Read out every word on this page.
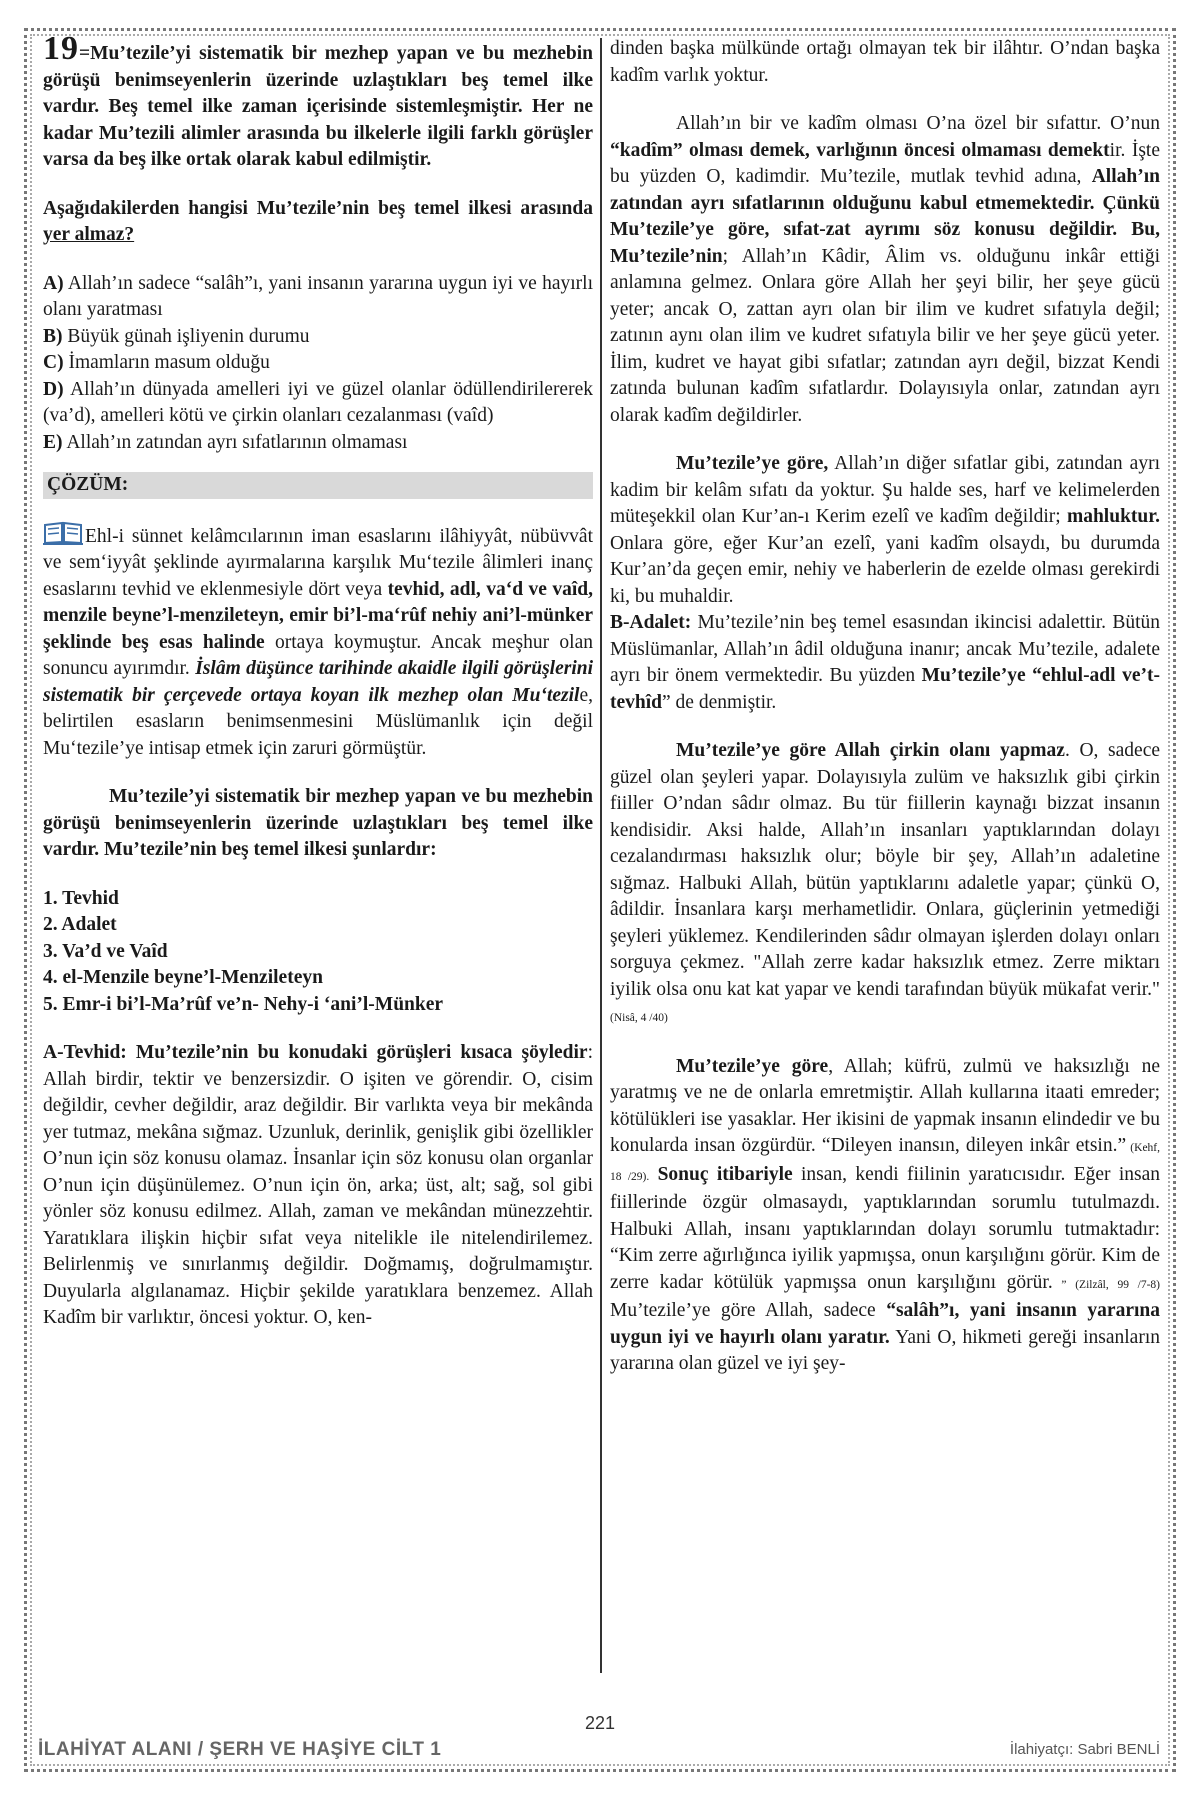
19=Mu’tezile’yi sistematik bir mezhep yapan ve bu mezhebin görüşü benimseyenlerin üzerinde uzlaştıkları beş temel ilke vardır. Beş temel ilke zaman içerisinde sistemleşmiştir. Her ne kadar Mu’tezili alimler arasında bu ilkelerle ilgili farklı görüşler varsa da beş ilke ortak olarak kabul edilmiştir.

Aşağıdakilerden hangisi Mu’tezile’nin beş temel ilkesi arasında yer almaz?

A) Allah’ın sadece “salâh”ı, yani insanın yararına uygun iyi ve hayırlı olanı yaratması

B) Büyük günah işliyenin durumu

C) İmamların masum olduğu

D) Allah’ın dünyada amelleri iyi ve güzel olanlar ödüllendirilererek (va’d), amelleri kötü ve çirkin olanları cezalanması (vaîd)

E) Allah’ın zatından ayrı sıfatlarının olmaması

ÇÖZÜM:

Ehl-i sünnet kelâmcılarının iman esaslarını ilâhiyyât, nübüvvât ve sem‘iyyât şeklinde ayırmalarına karşılık Mu‘tezile âlimleri inanç esaslarını tevhid ve eklenmesiyle dört veya tevhid, adl, va‘d ve vaîd, menzile beyne’l-menzileteyn, emir bi’l-ma‘rûf nehiy ani’l-münker şeklinde beş esas halinde ortaya koymuştur. Ancak meşhur olan sonuncu ayırımdır. İslâm düşünce tarihinde akaidle ilgili görüşlerini sistematik bir çerçevede ortaya koyan ilk mezhep olan Mu‘tezile, belirtilen esasların benimsenmesini Müslümanlık için değil Mu‘tezile’ye intisap etmek için zaruri görmüştür.

Mu’tezile’yi sistematik bir mezhep yapan ve bu mezhebin görüşü benimseyenlerin üzerinde uzlaştıkları beş temel ilke vardır. Mu’tezile’nin beş temel ilkesi şunlardır:

1. Tevhid
2. Adalet
3. Va’d ve Vaîd
4. el-Menzile beyne’l-Menzileteyn
5. Emr-i bi’l-Ma’rûf ve’n- Nehy-i ‘ani’l-Münker

A-Tevhid: Mu’tezile’nin bu konudaki görüşleri kısaca şöyledir: Allah birdir, tektir ve benzersizdir. O işiten ve görendir. O, cisim değildir, cevher değildir, araz değildir. Bir varlıkta veya bir mekânda yer tutmaz, mekâna sığmaz. Uzunluk, derinlik, genişlik gibi özellikler O’nun için söz konusu olamaz. İnsanlar için söz konusu olan organlar O’nun için düşünülemez. O’nun için ön, arka; üst, alt; sağ, sol gibi yönler söz konusu edilmez. Allah, zaman ve mekândan münezzehtir. Yaratıklara ilişkin hiçbir sıfat veya nitelikle ile nitelendirilemez. Belirlenmiş ve sınırlanmış değildir. Doğmamış, doğrulmamıştır. Duyularla algılanamaz. Hiçbir şekilde yaratıklara benzemez. Allah Kadîm bir varlıktır, öncesi yoktur. O, ken-

dinden başka mülkünde ortağı olmayan tek bir ilâhtır. O’ndan başka kadîm varlık yoktur.

Allah’ın bir ve kadîm olması O’na özel bir sıfattır. O’nun “kadîm” olması demek, varlığının öncesi olmaması demektir. İşte bu yüzden O, kadimdir. Mu’tezile, mutlak tevhid adına, Allah’ın zatından ayrı sıfatlarının olduğunu kabul etmemektedir. Çünkü Mu’tezile’ye göre, sıfat-zat ayrımı söz konusu değildir. Bu, Mu’tezile’nin; Allah’ın Kâdir, Âlim vs. olduğunu inkâr ettiği anlamına gelmez. Onlara göre Allah her şeyi bilir, her şeye gücü yeter; ancak O, zattan ayrı olan bir ilim ve kudret sıfatıyla değil; zatının aynı olan ilim ve kudret sıfatıyla bilir ve her şeye gücü yeter. İlim, kudret ve hayat gibi sıfatlar; zatından ayrı değil, bizzat Kendi zatında bulunan kadîm sıfatlardır. Dolayısıyla onlar, zatından ayrı olarak kadîm değildirler.

Mu’tezile’ye göre, Allah’ın diğer sıfatlar gibi, zatından ayrı kadim bir kelâm sıfatı da yoktur. Şu halde ses, harf ve kelimelerden müteşekkil olan Kur’an-ı Kerim ezelî ve kadîm değildir; mahluktur. Onlara göre, eğer Kur’an ezelî, yani kadîm olsaydı, bu durumda Kur’an’da geçen emir, nehiy ve haberlerin de ezelde olması gerekirdi ki, bu muhaldir.

B-Adalet: Mu’tezile’nin beş temel esasından ikincisi adalettir. Bütün Müslümanlar, Allah’ın âdil olduğuna inanır; ancak Mu’tezile, adalete ayrı bir önem vermektedir. Bu yüzden Mu’tezile’ye “ehlul-adl ve’t-tevhîd” de denmiştir.

Mu’tezile’ye göre Allah çirkin olanı yapmaz. O, sadece güzel olan şeyleri yapar. Dolayısıyla zulüm ve haksızlık gibi çirkin fiiller O’ndan sâdır olmaz. Bu tür fiillerin kaynağı bizzat insanın kendisidir. Aksi halde, Allah’ın insanları yaptıklarından dolayı cezalandırması haksızlık olur; böyle bir şey, Allah’ın adaletine sığmaz. Halbuki Allah, bütün yaptıklarını adaletle yapar; çünkü O, âdildir. İnsanlara karşı merhametlidir. Onlara, güçlerinin yetmediği şeyleri yüklemez. Kendilerinden sâdır olmayan işlerden dolayı onları sorguya çekmez. "Allah zerre kadar haksızlık etmez. Zerre miktarı iyilik olsa onu kat kat yapar ve kendi tarafından büyük mükafat verir." (Nisâ, 4 /40)

Mu’tezile’ye göre, Allah; küfrü, zulmü ve haksızlığı ne yaratmış ve ne de onlarla emretmiştir. Allah kullarına itaati emreder; kötülükleri ise yasaklar. Her ikisini de yapmak insanın elindedir ve bu konularda insan özgürdür. “Dileyen inansın, dileyen inkâr etsin.” (Kehf, 18 /29). Sonuç itibariyle insan, kendi fiilinin yaratıcısıdır. Eğer insan fiillerinde özgür olmasaydı, yaptıklarından sorumlu tutulmazdı. Halbuki Allah, insanı yaptıklarından dolayı sorumlu tutmaktadır: “Kim zerre ağırlığınca iyilik yapmışsa, onun karşılığını görür. Kim de zerre kadar kötülük yapmışsa onun karşılığını görür. ” (Zilzâl, 99 /7-8) Mu’tezile’ye göre Allah, sadece “salâh”ı, yani insanın yararına uygun iyi ve hayırlı olanı yaratır. Yani O, hikmeti gereği insanların yararına olan güzel ve iyi şey-

221
İLAHİYAT ALANI / ŞERH VE HAŞİYE CİLT 1	İlahiyatçı: Sabri BENLİ
